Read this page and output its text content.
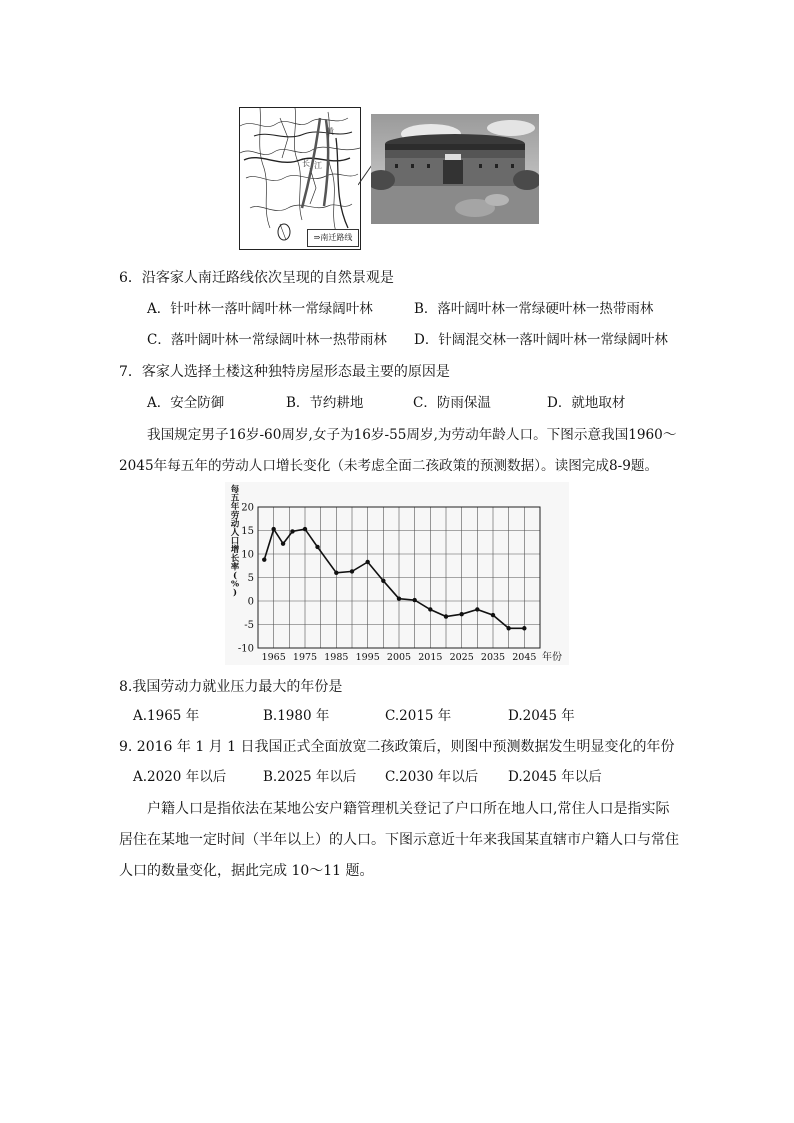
黄
长 江
⇒南迁路线
6．沿客家人南迁路线依次呈现的自然景观是
A．针叶林一落叶阔叶林一常绿阔叶林	B．落叶阔叶林一常绿硬叶林一热带雨林
C．落叶阔叶林一常绿阔叶林一热带雨林 D．针阔混交林一落叶阔叶林一常绿阔叶林
7．客家人选择土楼这种独特房屋形态最主要的原因是
A．安全防御	B．节约耕地	C．防雨保温	D．就地取材
我国规定男子16岁-60周岁,女子为16岁-55周岁,为劳动年龄人口。下图示意我国1960～
2045年每五年的劳动人口增长变化（未考虑全面二孩政策的预测数据）。读图完成8-9题。
20
15
10
5
0
-5
-10
1965 1975 1985 1995 2005 2015 2025 2035 2045 年份
每
五
年
劳
动
人
口
增
长
率
(
%
)
8.我国劳动力就业压力最大的年份是
A.1965 年	B.1980 年	C.2015 年	D.2045 年
9. 2016 年 1 月 1 日我国正式全面放宽二孩政策后，则图中预测数据发生明显变化的年份
A.2020 年以后	B.2025 年以后 C.2030 年以后 D.2045 年以后
户籍人口是指依法在某地公安户籍管理机关登记了户口所在地人口,常住人口是指实际
居住在某地一定时间（半年以上）的人口。下图示意近十年来我国某直辖市户籍人口与常住
人口的数量变化，据此完成 10～11 题。
